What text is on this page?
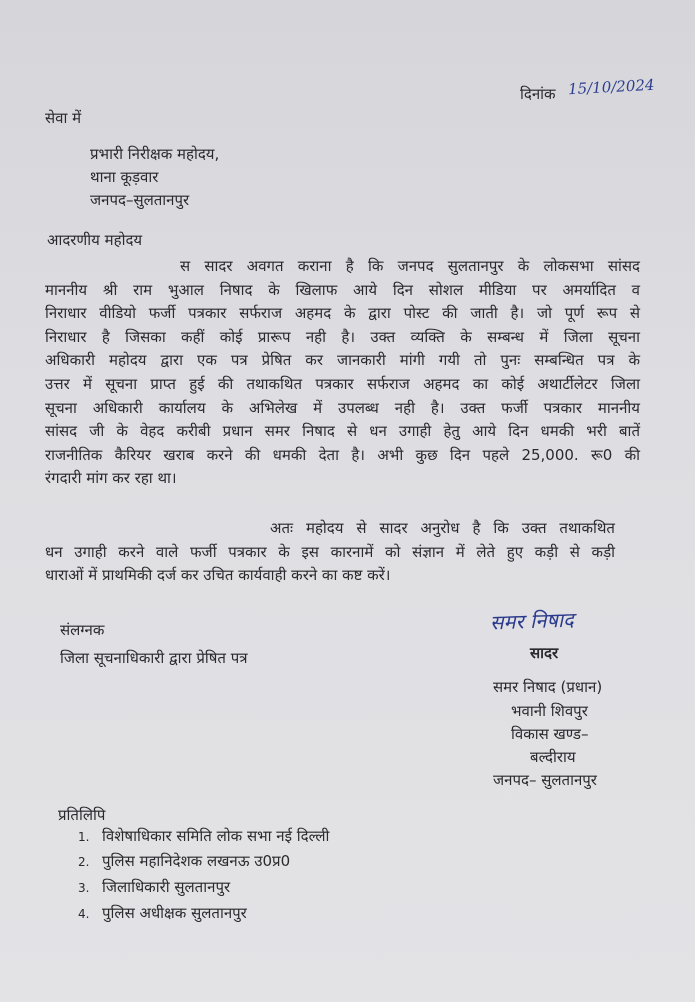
दिनांक 15/10/2024
सेवा में
प्रभारी निरीक्षक महोदय,
थाना कूड़वार
जनपद–सुलतानपुर
आदरणीय महोदय
स सादर अवगत कराना है कि जनपद सुलतानपुर के लोकसभा सांसद
माननीय श्री राम भुआल निषाद के खिलाफ आये दिन सोशल मीडिया पर अमर्यादित व
निराधार वीडियो फर्जी पत्रकार सर्फराज अहमद के द्वारा पोस्ट की जाती है। जो पूर्ण रूप से
निराधार है जिसका कहीं कोई प्रारूप नही है। उक्त व्यक्ति के सम्बन्ध में जिला सूचना
अधिकारी महोदय द्वारा एक पत्र प्रेषित कर जानकारी मांगी गयी तो पुनः सम्बन्धित पत्र के
उत्तर में सूचना प्राप्त हुई की तथाकथित पत्रकार सर्फराज अहमद का कोई अथार्टीलेटर जिला
सूचना अधिकारी कार्यालय के अभिलेख में उपलब्ध नही है। उक्त फर्जी पत्रकार माननीय
सांसद जी के वेहद करीबी प्रधान समर निषाद से धन उगाही हेतु आये दिन धमकी भरी बातें
राजनीतिक कैरियर खराब करने की धमकी देता है। अभी कुछ दिन पहले 25,000. रू0 की
रंगदारी मांग कर रहा था।
अतः महोदय से सादर अनुरोध है कि उक्त तथाकथित
धन उगाही करने वाले फर्जी पत्रकार के इस कारनामें को संज्ञान में लेते हुए कड़ी से कड़ी
धाराओं में प्राथमिकी दर्ज कर उचित कार्यवाही करने का कष्ट करें।
संलग्नक
जिला सूचनाधिकारी द्वारा प्रेषित पत्र
समर निषाद
सादर
समर निषाद (प्रधान)
भवानी शिवपुर
विकास खण्ड–
बल्दीराय
जनपद– सुलतानपुर
प्रतिलिपि
1. विशेषाधिकार समिति लोक सभा नई दिल्ली
2. पुलिस महानिदेशक लखनऊ उ0प्र0
3. जिलाधिकारी सुलतानपुर
4. पुलिस अधीक्षक सुलतानपुर
